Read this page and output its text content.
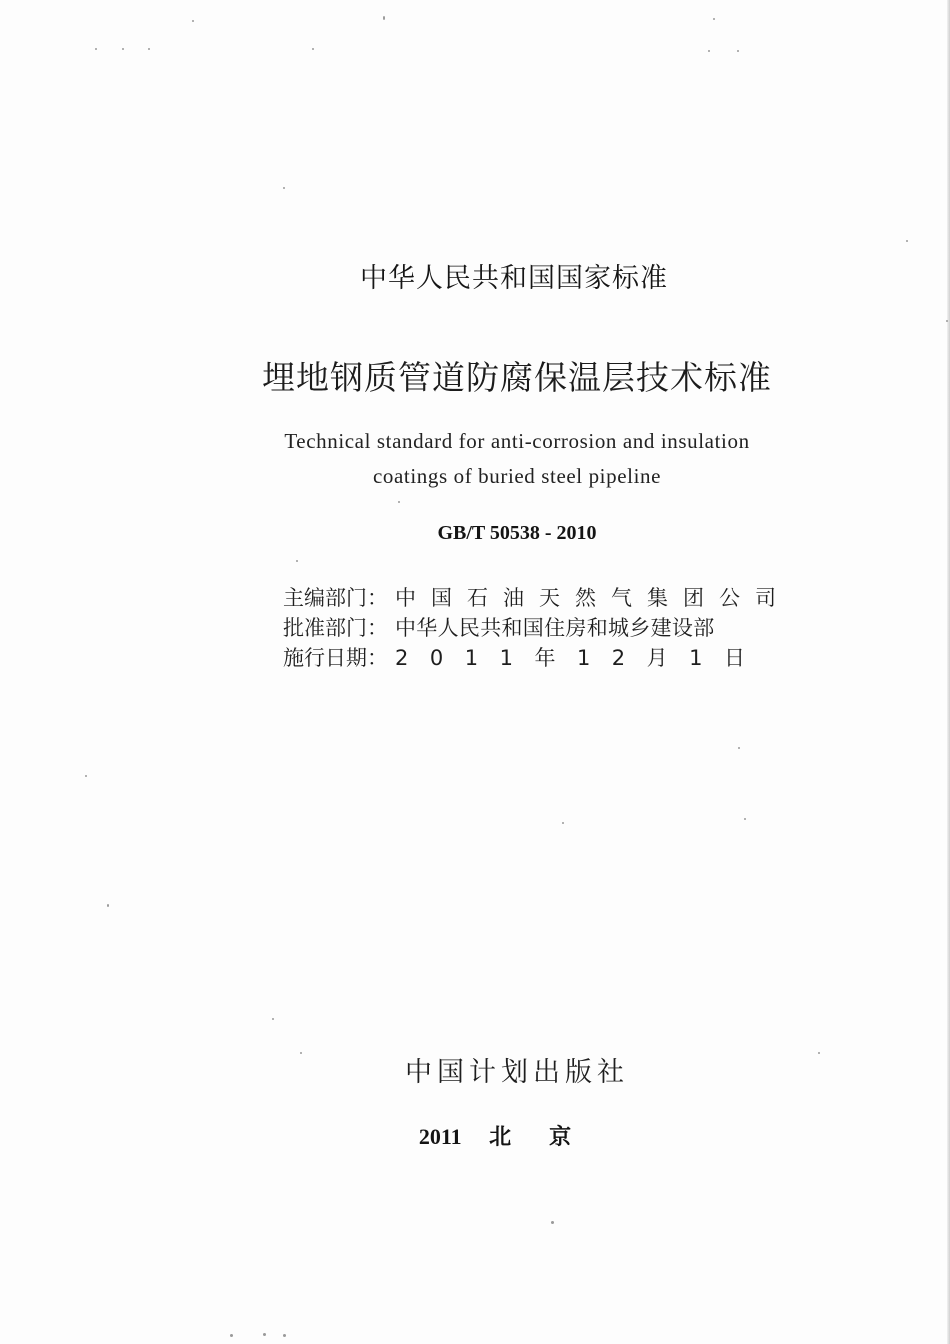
中华人民共和国国家标准
埋地钢质管道防腐保温层技术标准
Technical standard for anti-corrosion and insulation
coatings of buried steel pipeline
GB/T 50538 - 2010
主编部门： 中国石油天然气集团公司
批准部门： 中华人民共和国住房和城乡建设部
施行日期： 2011年12月1日
中国计划出版社
2011 北京
